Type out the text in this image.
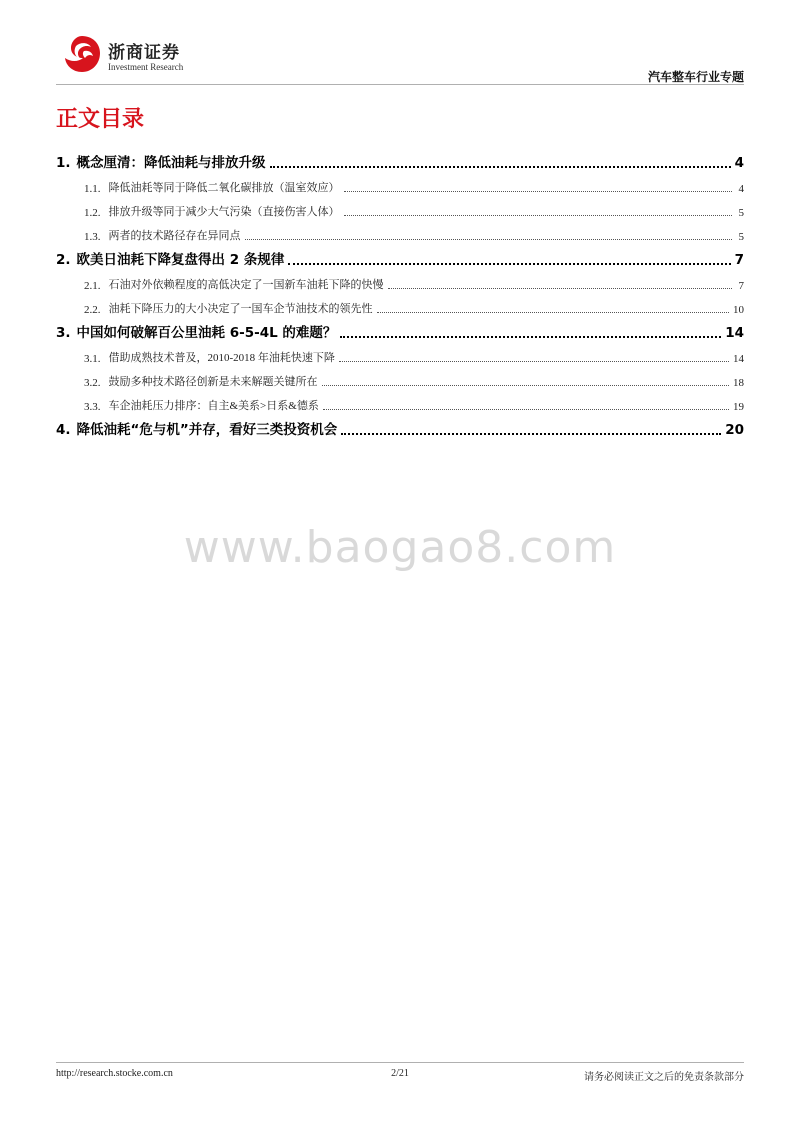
浙商证券
Investment Research
汽车整车行业专题
正文目录
1. 概念厘清：降低油耗与排放升级	4
1.1. 降低油耗等同于降低二氧化碳排放（温室效应）	4
1.2. 排放升级等同于减少大气污染（直接伤害人体）	5
1.3. 两者的技术路径存在异同点	5
2. 欧美日油耗下降复盘得出 2 条规律	7
2.1. 石油对外依赖程度的高低决定了一国新车油耗下降的快慢	7
2.2. 油耗下降压力的大小决定了一国车企节油技术的领先性	10
3. 中国如何破解百公里油耗 6-5-4L 的难题？	14
3.1. 借助成熟技术普及，2010-2018 年油耗快速下降	14
3.2. 鼓励多种技术路径创新是未来解题关键所在	18
3.3. 车企油耗压力排序：自主&美系>日系&德系	19
4. 降低油耗“危与机”并存，看好三类投资机会	20
www.baogao8.com
http://research.stocke.com.cn	2/21	请务必阅读正文之后的免责条款部分
